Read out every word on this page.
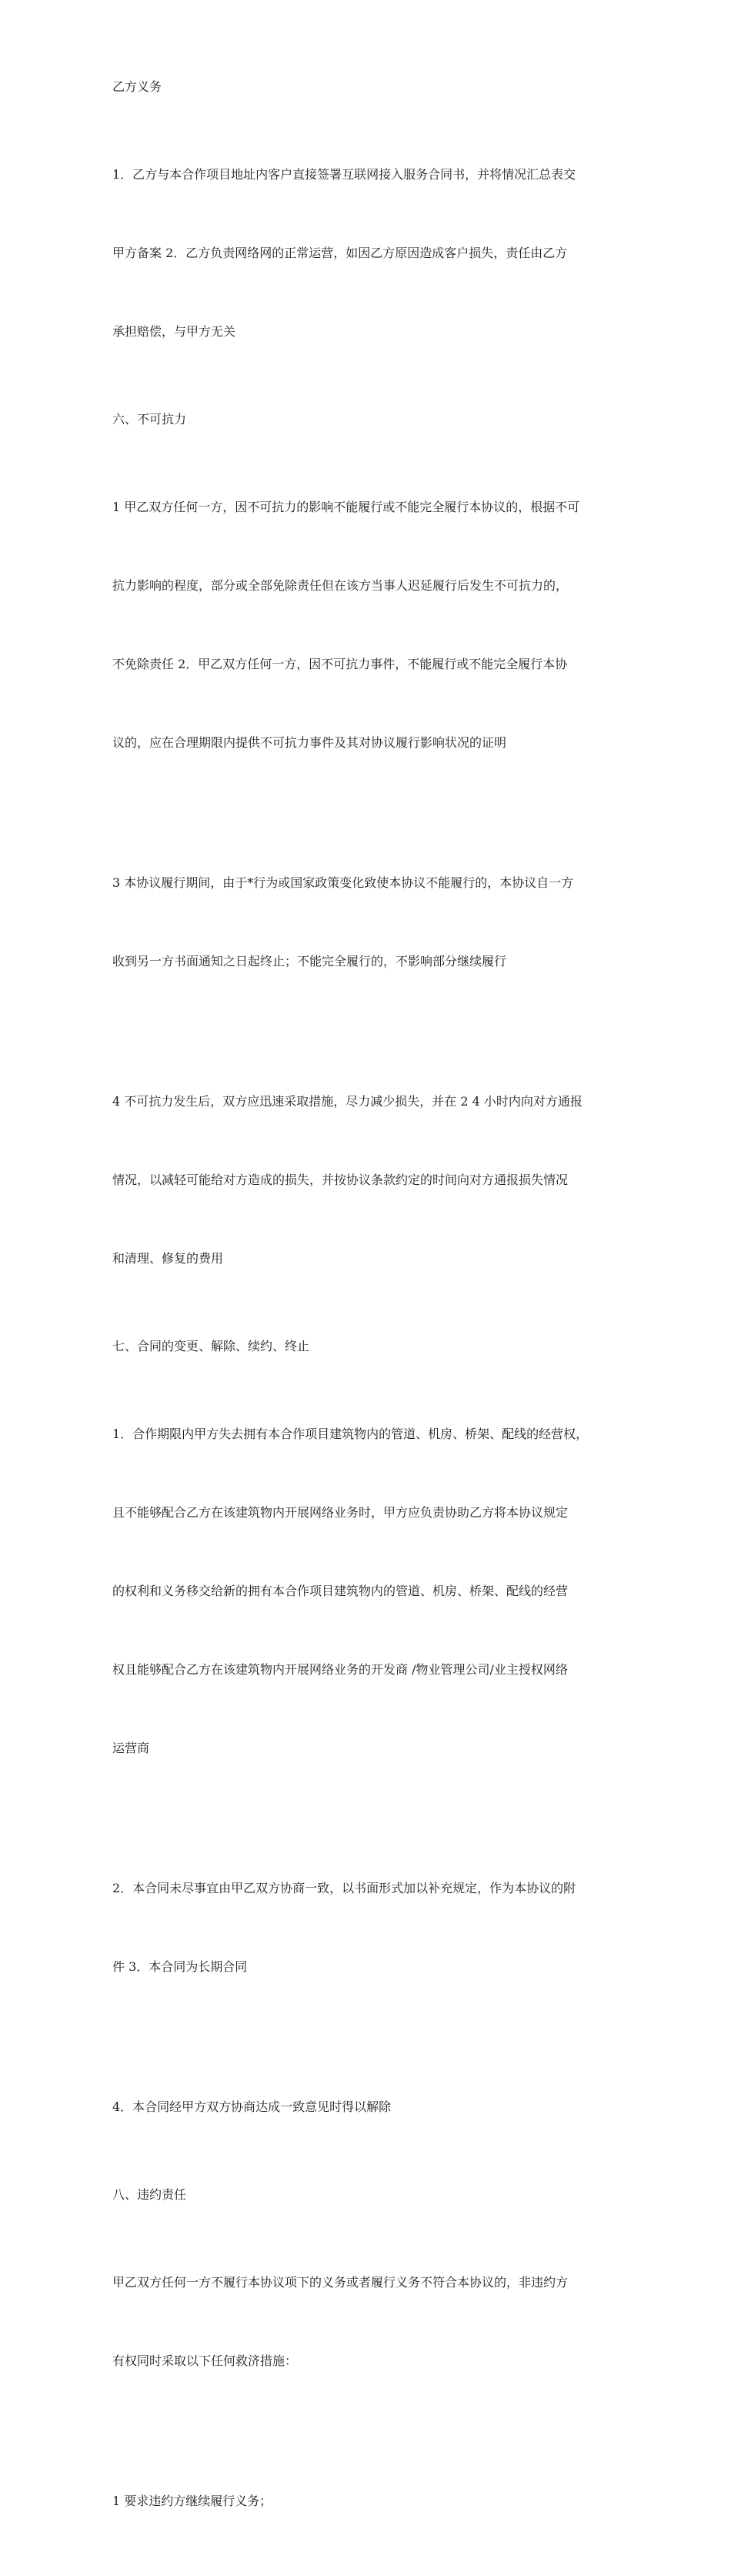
乙方义务

1．乙方与本合作项目地址内客户直接签署互联网接入服务合同书，并将情况汇总表交

甲方备案 2．乙方负责网络网的正常运营，如因乙方原因造成客户损失，责任由乙方

承担赔偿，与甲方无关

六、不可抗力

1 甲乙双方任何一方，因不可抗力的影响不能履行或不能完全履行本协议的，根据不可

抗力影响的程度，部分或全部免除责任但在该方当事人迟延履行后发生不可抗力的，

不免除责任 2．甲乙双方任何一方，因不可抗力事件，不能履行或不能完全履行本协

议的，应在合理期限内提供不可抗力事件及其对协议履行影响状况的证明

3 本协议履行期间，由于*行为或国家政策变化致使本协议不能履行的，本协议自一方

收到另一方书面通知之日起终止；不能完全履行的，不影响部分继续履行

4 不可抗力发生后，双方应迅速采取措施，尽力减少损失，并在 2 4 小时内向对方通报

情况，以减轻可能给对方造成的损失，并按协议条款约定的时间向对方通报损失情况

和清理、修复的费用

七、合同的变更、解除、续约、终止

1．合作期限内甲方失去拥有本合作项目建筑物内的管道、机房、桥架、配线的经营权，

且不能够配合乙方在该建筑物内开展网络业务时，甲方应负责协助乙方将本协议规定

的权利和义务移交给新的拥有本合作项目建筑物内的管道、机房、桥架、配线的经营

权且能够配合乙方在该建筑物内开展网络业务的开发商 /物业管理公司/业主授权网络

运营商

2．本合同未尽事宜由甲乙双方协商一致，以书面形式加以补充规定，作为本协议的附

件 3．本合同为长期合同

4．本合同经甲方双方协商达成一致意见时得以解除

八、违约责任

甲乙双方任何一方不履行本协议项下的义务或者履行义务不符合本协议的，非违约方

有权同时采取以下任何救济措施：

1 要求违约方继续履行义务；
